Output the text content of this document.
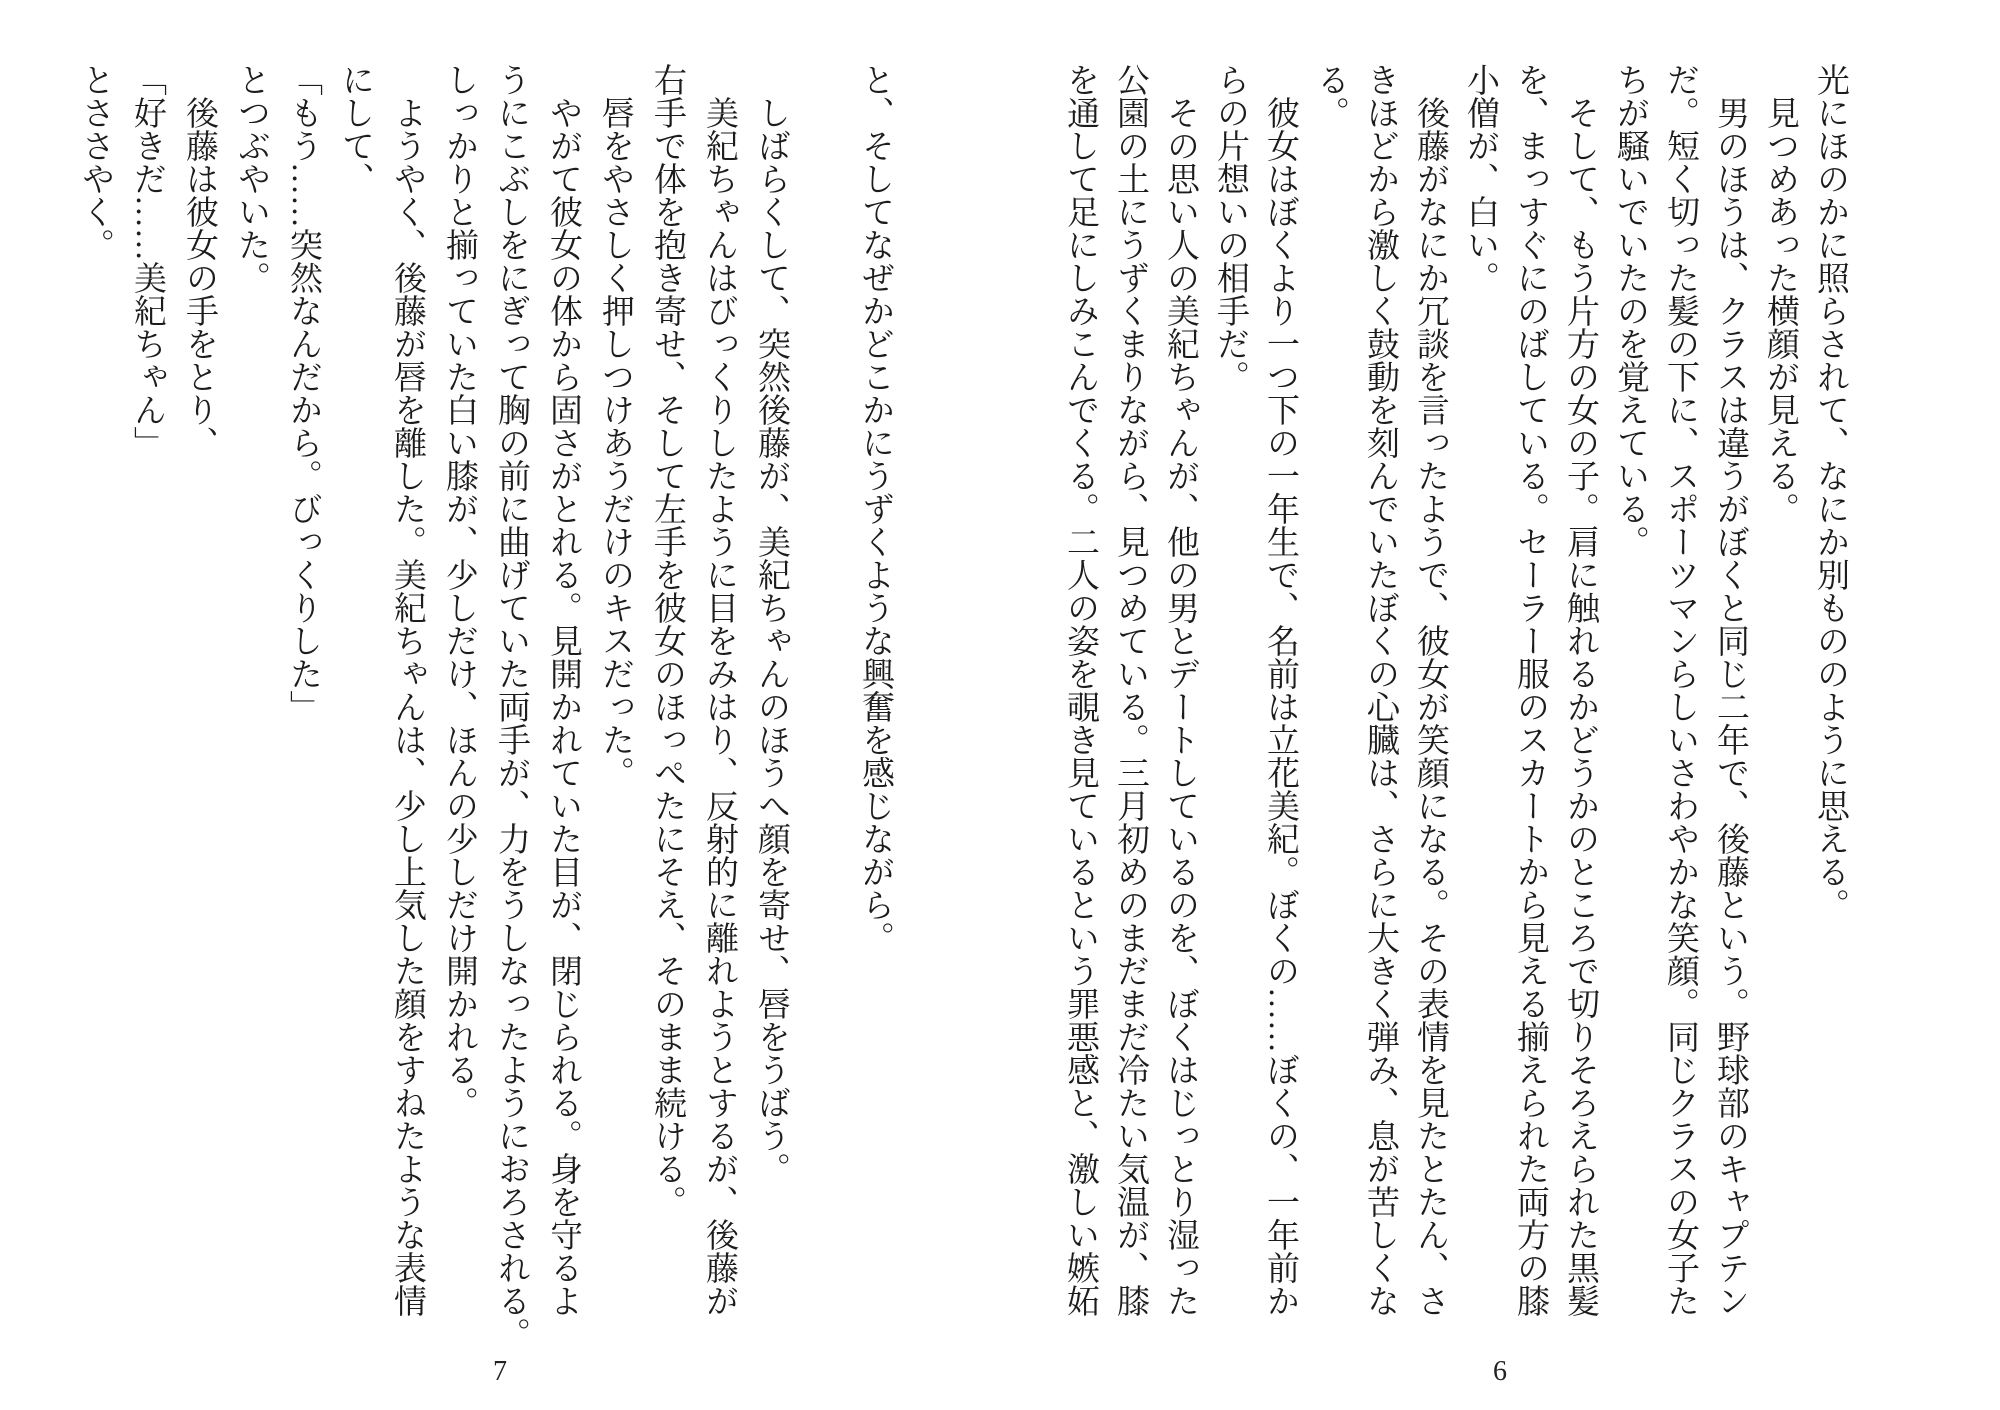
光にほのかに照らされて、なにか別もののように思える。
見つめあった横顔が見える。
男のほうは、クラスは違うがぼくと同じ二年で、後藤という。野球部のキャプテン
だ。短く切った髪の下に、スポーツマンらしいさわやかな笑顔。同じクラスの女子た
ちが騒いでいたのを覚えている。
そして、もう片方の女の子。肩に触れるかどうかのところで切りそろえられた黒髪
を、まっすぐにのばしている。セーラー服のスカートから見える揃えられた両方の膝
小僧が、白い。
後藤がなにか冗談を言ったようで、彼女が笑顔になる。その表情を見たとたん、さ
きほどから激しく鼓動を刻んでいたぼくの心臓は、さらに大きく弾み、息が苦しくな
る。
彼女はぼくより一つ下の一年生で、名前は立花美紀。ぼくの……ぼくの、一年前か
らの片想いの相手だ。
その思い人の美紀ちゃんが、他の男とデートしているのを、ぼくはじっとり湿った
公園の土にうずくまりながら、見つめている。三月初めのまだまだ冷たい気温が、膝
を通して足にしみこんでくる。二人の姿を覗き見ているという罪悪感と、激しい嫉妬
6
と、そしてなぜかどこかにうずくような興奮を感じながら。

しばらくして、突然後藤が、美紀ちゃんのほうへ顔を寄せ、唇をうばう。
美紀ちゃんはびっくりしたように目をみはり、反射的に離れようとするが、後藤が
右手で体を抱き寄せ、そして左手を彼女のほっぺたにそえ、そのまま続ける。
唇をやさしく押しつけあうだけのキスだった。
やがて彼女の体から固さがとれる。見開かれていた目が、閉じられる。身を守るよ
うにこぶしをにぎって胸の前に曲げていた両手が、力をうしなったようにおろされる。
しっかりと揃っていた白い膝が、少しだけ、ほんの少しだけ開かれる。
ようやく、後藤が唇を離した。美紀ちゃんは、少し上気した顔をすねたような表情
にして、
「もう……突然なんだから。びっくりした」
とつぶやいた。
後藤は彼女の手をとり、
「好きだ……美紀ちゃん」
とささやく。
7
